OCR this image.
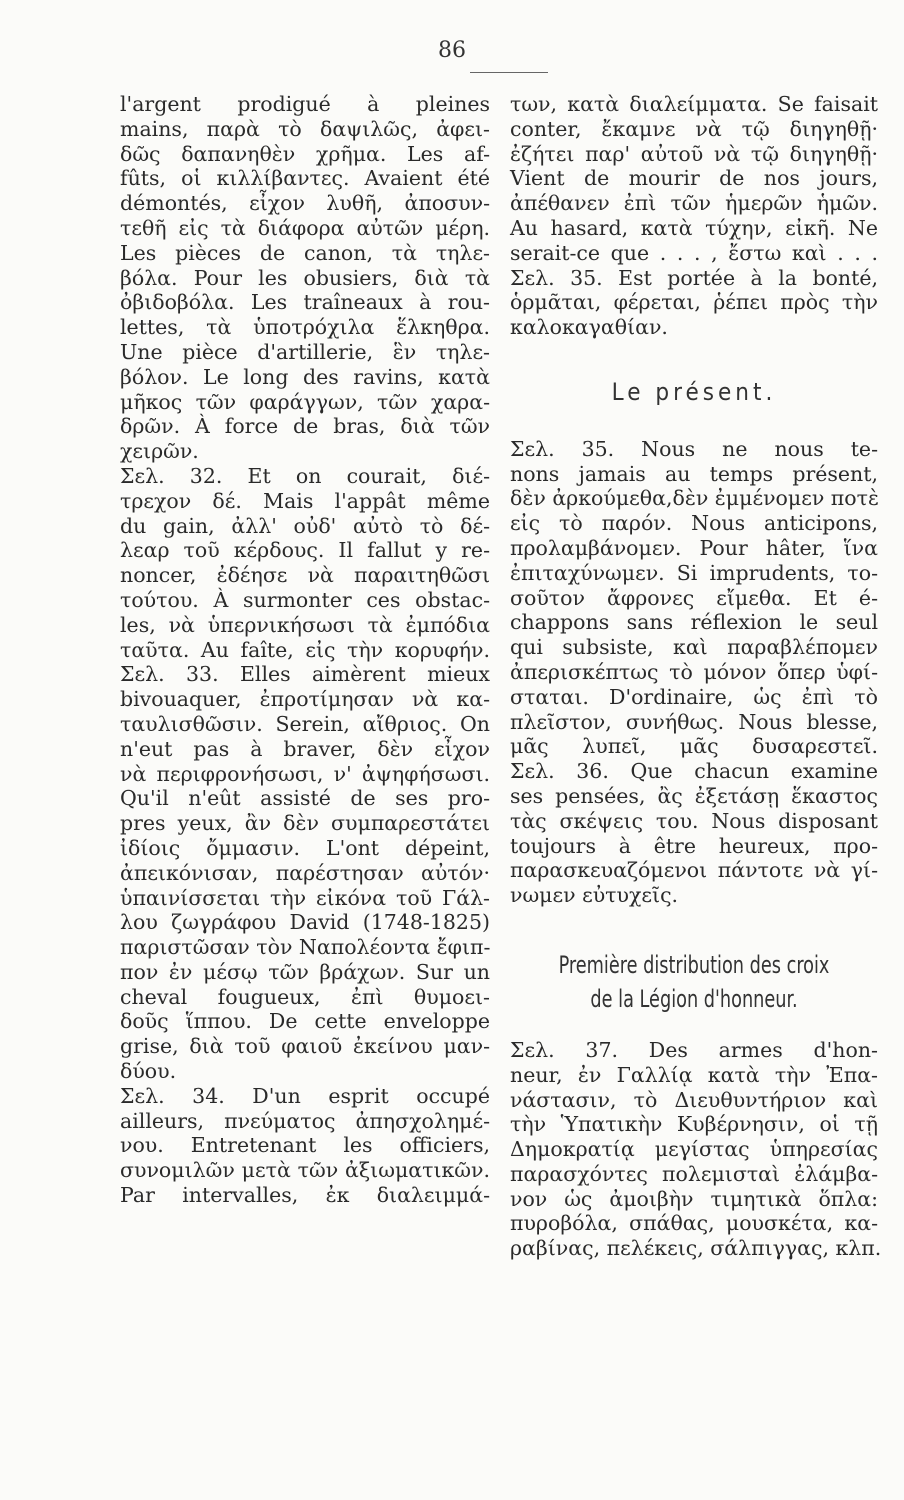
86
l'argent prodigué à pleines
mains, παρὰ τὸ δαψιλῶς, ἀφει-
δῶς δαπανηθὲν χρῆμα. Les af-
fûts, οἱ κιλλίβαντες. Avaient été
démontés, εἶχον λυθῆ, ἀποσυν-
τεθῆ εἰς τὰ διάφορα αὐτῶν μέρη.
Les pièces de canon, τὰ τηλε-
βόλα. Pour les obusiers, διὰ τὰ
ὀβιδοβόλα. Les traîneaux à rou-
lettes, τὰ ὑποτρόχιλα ἕλκηθρα.
Une pièce d'artillerie, ἓν τηλε-
βόλον. Le long des ravins, κατὰ
μῆκος τῶν φαράγγων, τῶν χαρα-
δρῶν. À force de bras, διὰ τῶν
χειρῶν.
Σελ. 32. Et on courait, διέ-
τρεχον δέ. Mais l'appât même
du gain, ἀλλ' οὐδ' αὐτὸ τὸ δέ-
λεαρ τοῦ κέρδους. Il fallut y re-
noncer, ἐδέησε νὰ παραιτηθῶσι
τούτου. À surmonter ces obstac-
les, νὰ ὑπερνικήσωσι τὰ ἐμπόδια
ταῦτα. Au faîte, εἰς τὴν κορυφήν.
Σελ. 33. Elles aimèrent mieux
bivouaquer, ἐπροτίμησαν νὰ κα-
ταυλισθῶσιν. Serein, αἴθριος. On
n'eut pas à braver, δὲν εἶχον
νὰ περιφρονήσωσι, ν' ἀψηφήσωσι.
Qu'il n'eût assisté de ses pro-
pres yeux, ἂν δὲν συμπαρεστάτει
ἰδίοις ὄμμασιν. L'ont dépeint,
ἀπεικόνισαν, παρέστησαν αὐτόν·
ὑπαινίσσεται τὴν εἰκόνα τοῦ Γάλ-
λου ζωγράφου David (1748-1825)
παριστῶσαν τὸν Ναπολέοντα ἔφιπ-
πον ἐν μέσῳ τῶν βράχων. Sur un
cheval fougueux, ἐπὶ θυμοει-
δοῦς ἵππου. De cette enveloppe
grise, διὰ τοῦ φαιοῦ ἐκείνου μαν-
δύου.
Σελ. 34. D'un esprit occupé
ailleurs, πνεύματος ἀπησχολημέ-
νου. Entretenant les officiers,
συνομιλῶν μετὰ τῶν ἀξιωματικῶν.
Par intervalles, ἐκ διαλειμμά-
των, κατὰ διαλείμματα. Se faisait
conter, ἔκαμνε νὰ τῷ διηγηθῇ·
ἐζήτει παρ' αὐτοῦ νὰ τῷ διηγηθῇ·
Vient de mourir de nos jours,
ἀπέθανεν ἐπὶ τῶν ἡμερῶν ἡμῶν.
Au hasard, κατὰ τύχην, εἰκῆ. Ne
serait-ce que . . . , ἔστω καὶ . . .
Σελ. 35. Est portée à la bonté,
ὁρμᾶται, φέρεται, ῥέπει πρὸς τὴν
καλοκαγαθίαν.
Le présent.
Σελ. 35. Nous ne nous te-
nons jamais au temps présent,
δὲν ἀρκούμεθα,δὲν ἐμμένομεν ποτὲ
εἰς τὸ παρόν. Nous anticipons,
προλαμβάνομεν. Pour hâter, ἵνα
ἐπιταχύνωμεν. Si imprudents, το-
σοῦτον ἄφρονες εἴμεθα. Et é-
chappons sans réflexion le seul
qui subsiste, καὶ παραβλέπομεν
ἀπερισκέπτως τὸ μόνον ὅπερ ὑφί-
σταται. D'ordinaire, ὡς ἐπὶ τὸ
πλεῖστον, συνήθως. Nous blesse,
μᾶς λυπεῖ, μᾶς δυσαρεστεῖ.
Σελ. 36. Que chacun examine
ses pensées, ἂς ἐξετάσῃ ἕκαστος
τὰς σκέψεις του. Nous disposant
toujours à être heureux, προ-
παρασκευαζόμενοι πάντοτε νὰ γί-
νωμεν εὐτυχεῖς.
Première distribution des croix
de la Légion d'honneur.
Σελ. 37. Des armes d'hon-
neur, ἐν Γαλλίᾳ κατὰ τὴν Ἐπα-
νάστασιν, τὸ Διευθυντήριον καὶ
τὴν Ὑπατικὴν Κυβέρνησιν, οἱ τῇ
Δημοκρατίᾳ μεγίστας ὑπηρεσίας
παρασχόντες πολεμισταὶ ἐλάμβα-
νον ὡς ἀμοιβὴν τιμητικὰ ὅπλα:
πυροβόλα, σπάθας, μουσκέτα, κα-
ραβίνας, πελέκεις, σάλπιγγας, κλπ.
